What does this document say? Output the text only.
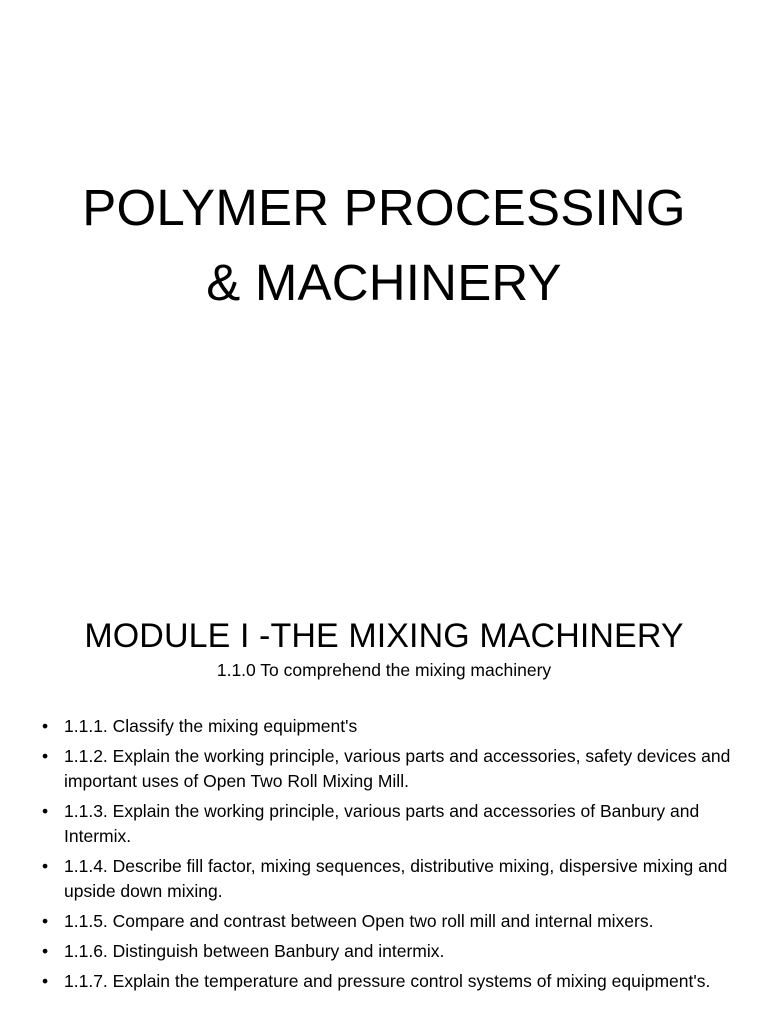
POLYMER PROCESSING
& MACHINERY
MODULE I -THE MIXING MACHINERY
1.1.0 To comprehend the mixing machinery
• 1.1.1. Classify the mixing equipment's
• 1.1.2. Explain the working principle, various parts and accessories, safety devices and important uses of Open Two Roll Mixing Mill.
• 1.1.3. Explain the working principle, various parts and accessories of Banbury and Intermix.
• 1.1.4. Describe fill factor, mixing sequences, distributive mixing, dispersive mixing and upside down mixing.
• 1.1.5. Compare and contrast between Open two roll mill and internal mixers.
• 1.1.6. Distinguish between Banbury and intermix.
• 1.1.7. Explain the temperature and pressure control systems of mixing equipment's.
